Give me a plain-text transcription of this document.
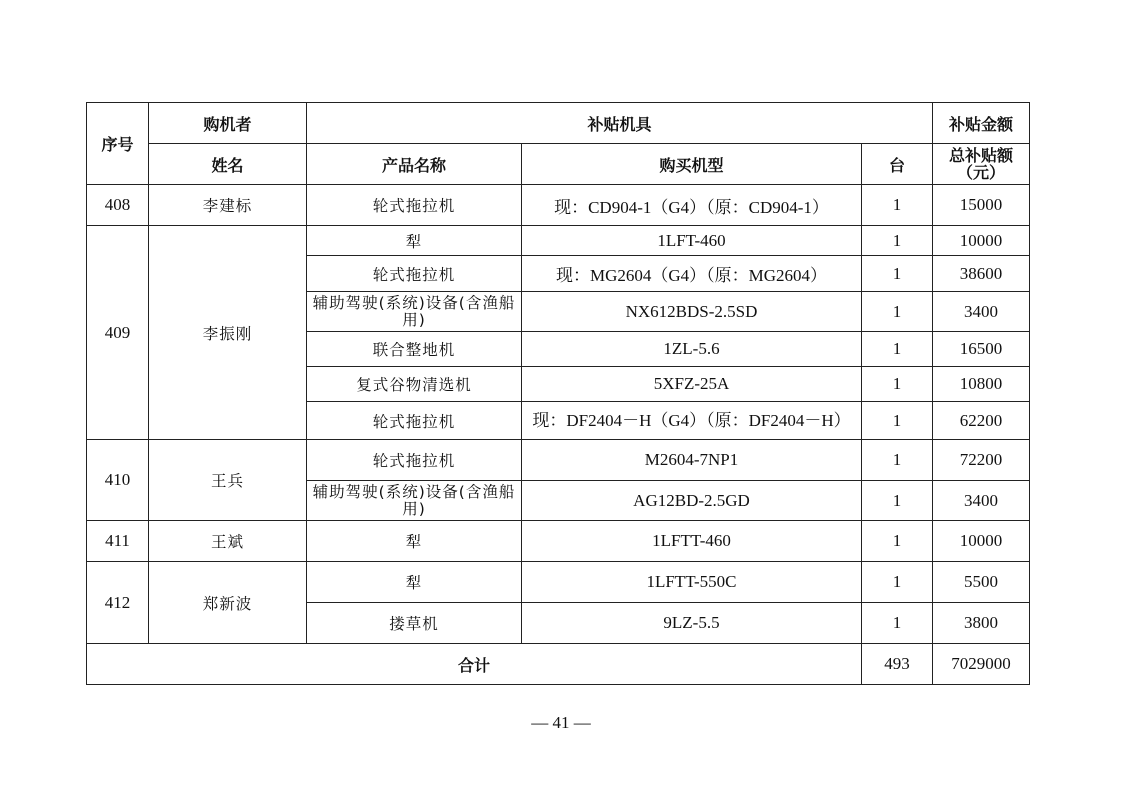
序号	购机者	补贴机具			补贴金额
	姓名	产品名称	购买机型	台	总补贴额
（元）

408	李建标	轮式拖拉机	现：CD904-1（G4）（原：CD904-1）	1	15000
409	李振刚	犁	1LFT-460	1	10000
		轮式拖拉机	现：MG2604（G4）（原：MG2604）	1	38600
		辅助驾驶(系统)设备(含渔船用)	NX612BDS-2.5SD	1	3400
		联合整地机	1ZL-5.6	1	16500
		复式谷物清选机	5XFZ-25A	1	10800
		轮式拖拉机	现：DF2404－H（G4）（原：DF2404－H）	1	62200
410	王兵	轮式拖拉机	M2604-7NP1	1	72200
		辅助驾驶(系统)设备(含渔船用)	AG12BD-2.5GD	1	3400
411	王斌	犁	1LFTT-460	1	10000
412	郑新波	犁	1LFTT-550C	1	5500
		搂草机	9LZ-5.5	1	3800
合计				493	7029000
— 41 —
